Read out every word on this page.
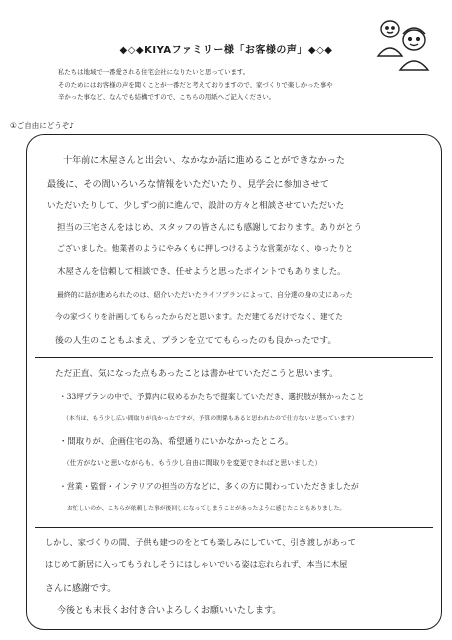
◆◇◆KIYAファミリー様「お客様の声」◆◇◆

私たちは地域で一番愛される住宅会社になりたいと思っています。

そのためにはお客様の声を聞くことが一番だと考えておりますので、家づくりで楽しかった事や

辛かった事など、なんでも結構ですので、こちらの用紙へご記入ください。

①ご自由にどうぞ♪
十年前に木屋さんと出会い、なかなか話に進めることができなかった
最後に、その間いろいろな情報をいただいたり、見学会に参加させて
いただいたりして、少しずつ前に進んで、設計の方々と相談させていただいた
担当の三宅さんをはじめ、スタッフの皆さんにも感謝しております。ありがとう
ございました。他業者のようにやみくもに押しつけるような営業がなく、ゆったりと
木屋さんを信頼して相談でき、任せようと思ったポイントでもありました。
最終的に話が進められたのは、紹介いただいたライフプランによって、自分達の身の丈にあった
今の家づくりを計画してもらったからだと思います。ただ建てるだけでなく、建てた
後の人生のこともふまえ、プランを立ててもらったのも良かったです。
ただ正直、気になった点もあったことは書かせていただこうと思います。
・33坪プランの中で、予算内に収めるかたちで提案していただき、選択肢が無かったこと
（本当は、もう少し広い間取りが良かったですが、予算の関係もあると思われたので仕方ないと思っています）
・間取りが、企画住宅の為、希望通りにいかなかったところ。
（仕方がないと思いながらも、もう少し自由に間取りを変更できればと思いました）
・営業・監督・インテリアの担当の方などに、多くの方に関わっていただきましたが
お忙しいのか、こちらが依頼した事が後回しになってしまうことがあったように感じたこともありました。
しかし、家づくりの間、子供も建つのをとても楽しみにしていて、引き渡しがあって
はじめて新居に入ってもうれしそうにはしゃいでいる姿は忘れられず、本当に木屋
さんに感謝です。
今後とも末長くお付き合いよろしくお願いいたします。
